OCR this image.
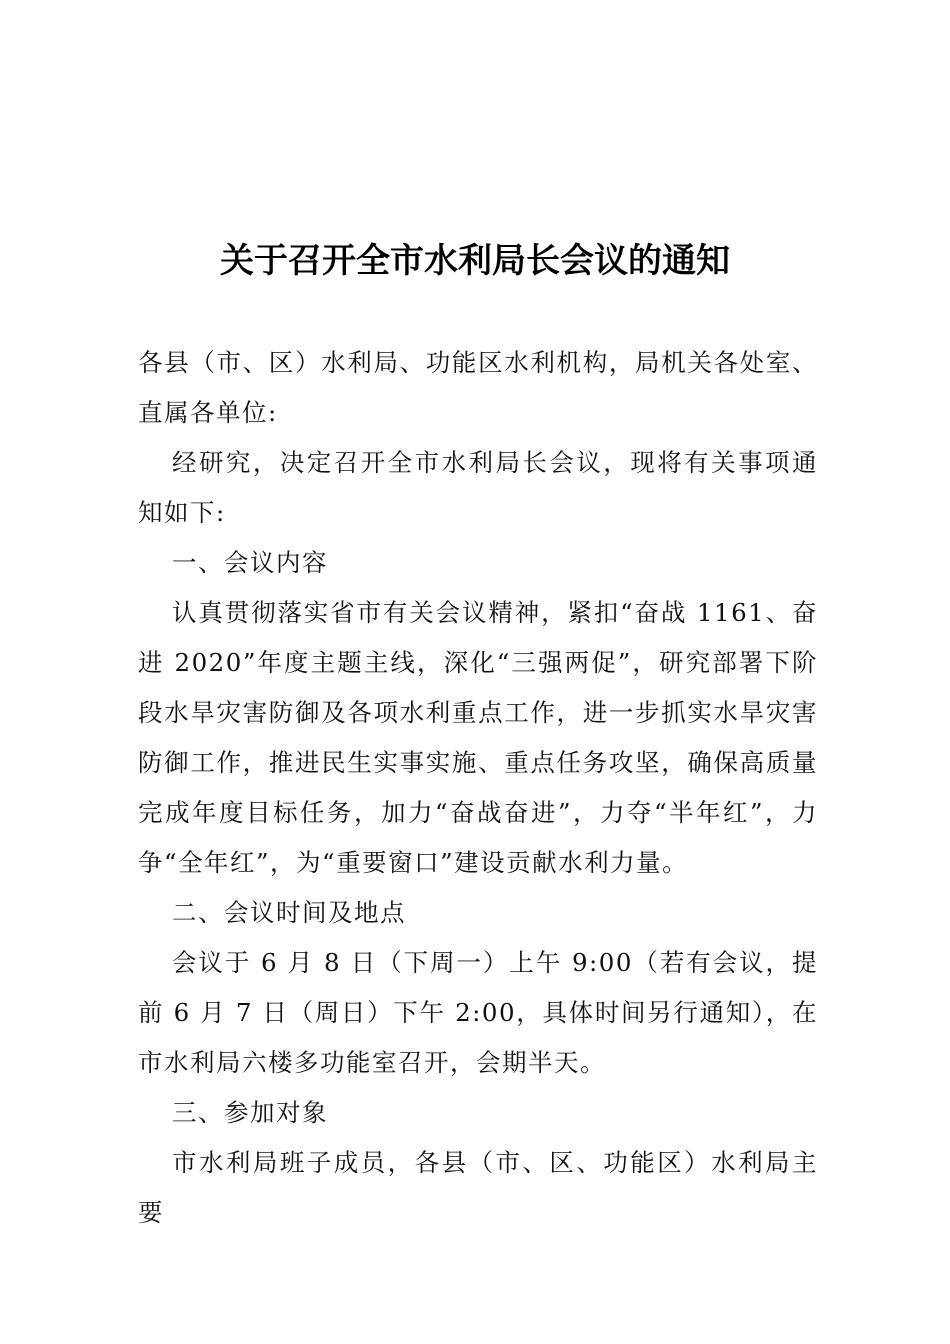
关于召开全市水利局长会议的通知

各县（市、区）水利局、功能区水利机构，局机关各处室、直属各单位:

经研究，决定召开全市水利局长会议，现将有关事项通知如下:

一、会议内容

认真贯彻落实省市有关会议精神，紧扣“奋战 1161、奋进 2020”年度主题主线，深化“三强两促”，研究部署下阶段水旱灾害防御及各项水利重点工作，进一步抓实水旱灾害防御工作，推进民生实事实施、重点任务攻坚，确保高质量完成年度目标任务，加力“奋战奋进”，力夺“半年红”，力争“全年红”，为“重要窗口”建设贡献水利力量。

二、会议时间及地点

会议于 6 月 8 日（下周一）上午 9:00（若有会议，提前 6 月 7 日（周日）下午 2:00，具体时间另行通知），在市水利局六楼多功能室召开，会期半天。

三、参加对象

市水利局班子成员，各县（市、区、功能区）水利局主要
